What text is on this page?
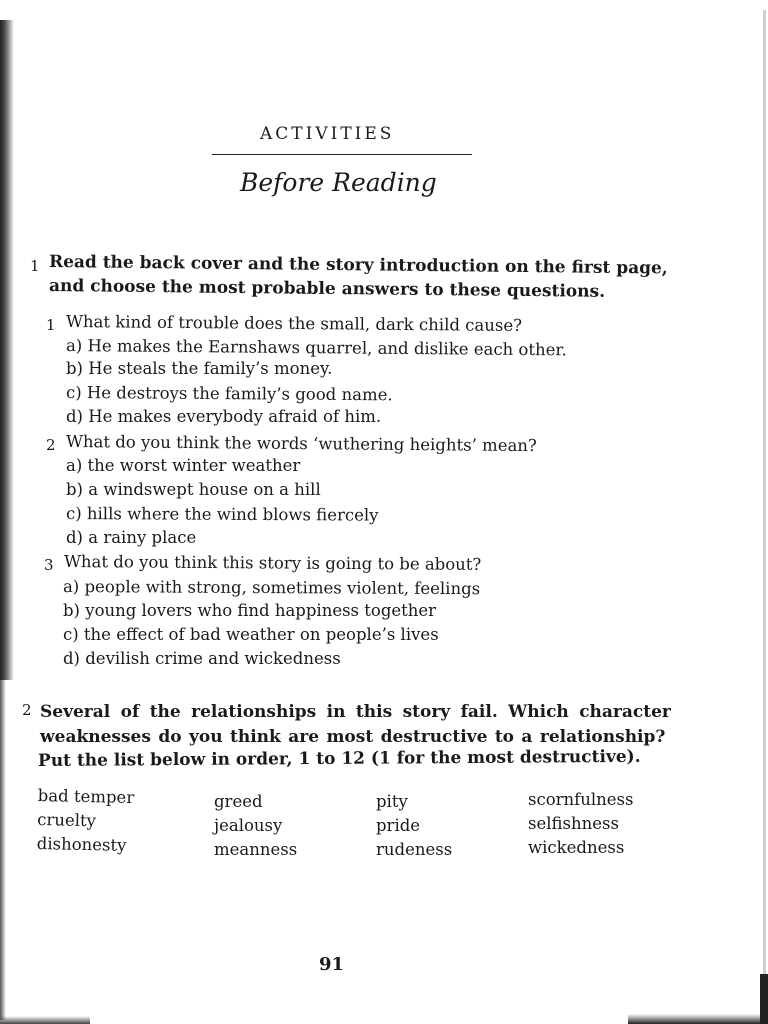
ACTIVITIES
Before Reading
1 Read the back cover and the story introduction on the first page,
and choose the most probable answers to these questions.
1 What kind of trouble does the small, dark child cause?
a) He makes the Earnshaws quarrel, and dislike each other.
b) He steals the family’s money.
c) He destroys the family’s good name.
d) He makes everybody afraid of him.
2 What do you think the words ‘wuthering heights’ mean?
a) the worst winter weather
b) a windswept house on a hill
c) hills where the wind blows fiercely
d) a rainy place
3 What do you think this story is going to be about?
a) people with strong, sometimes violent, feelings
b) young lovers who find happiness together
c) the effect of bad weather on people’s lives
d) devilish crime and wickedness
2 Several of the relationships in this story fail. Which character
weaknesses do you think are most destructive to a relationship?
Put the list below in order, 1 to 12 (1 for the most destructive).
bad temper
cruelty
dishonesty
greed
jealousy
meanness
pity
pride
rudeness
scornfulness
selfishness
wickedness
91
